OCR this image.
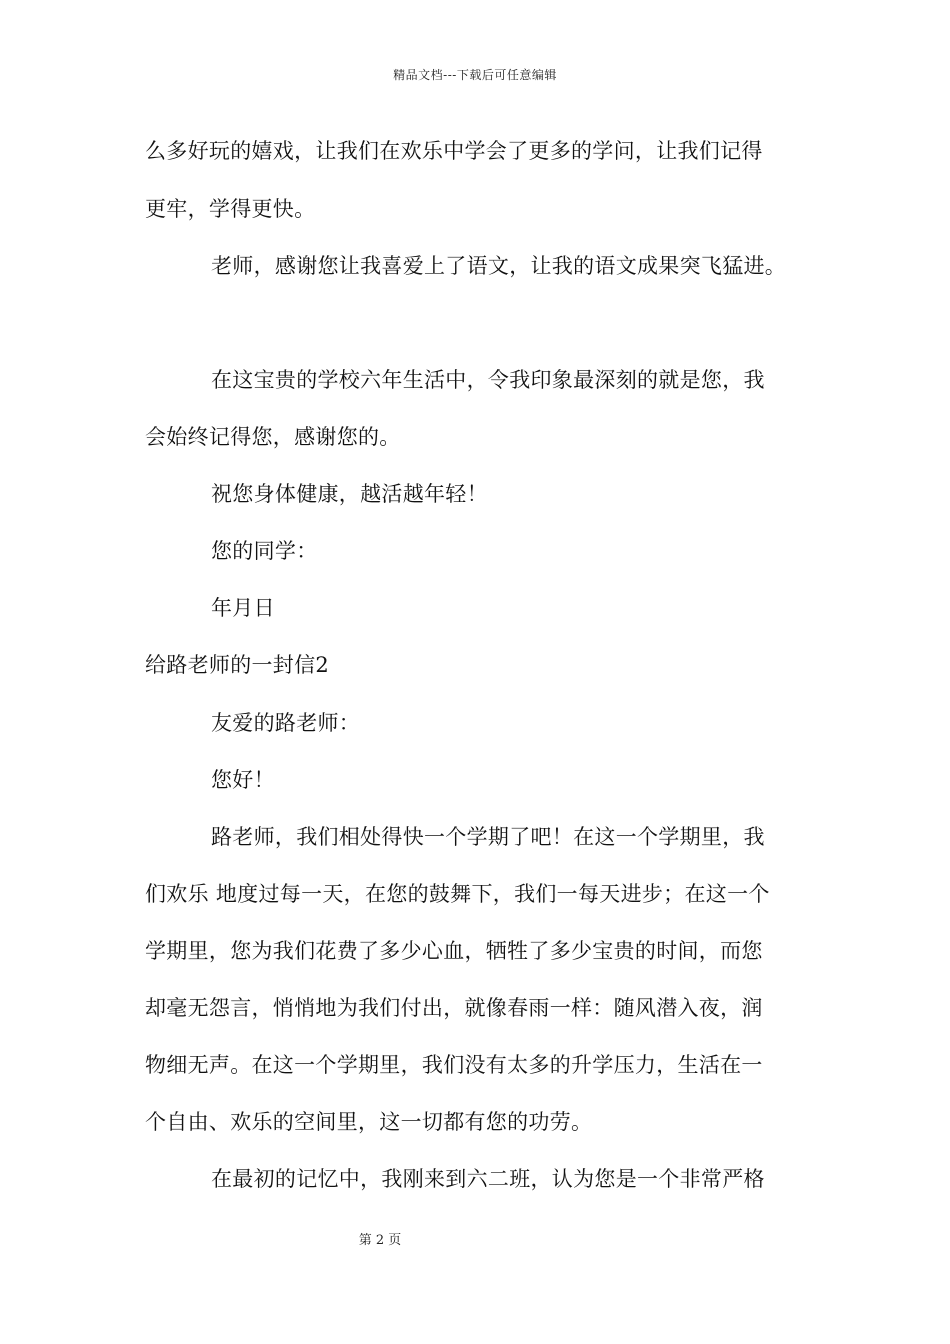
精品文档---下载后可任意编辑
么多好玩的嬉戏，让我们在欢乐中学会了更多的学问，让我们记得
更牢，学得更快。
老师，感谢您让我喜爱上了语文，让我的语文成果突飞猛进。
在这宝贵的学校六年生活中，令我印象最深刻的就是您，我
会始终记得您，感谢您的。
祝您身体健康，越活越年轻！
您的同学：
年月日
给路老师的一封信2
友爱的路老师：
您好！
路老师，我们相处得快一个学期了吧！在这一个学期里，我
们欢乐 地度过每一天，在您的鼓舞下，我们一每天进步；在这一个
学期里，您为我们花费了多少心血，牺牲了多少宝贵的时间，而您
却毫无怨言，悄悄地为我们付出，就像春雨一样：随风潜入夜，润
物细无声。在这一个学期里，我们没有太多的升学压力，生活在一
个自由、欢乐的空间里，这一切都有您的功劳。
在最初的记忆中，我刚来到六二班，认为您是一个非常严格
第 2 页
